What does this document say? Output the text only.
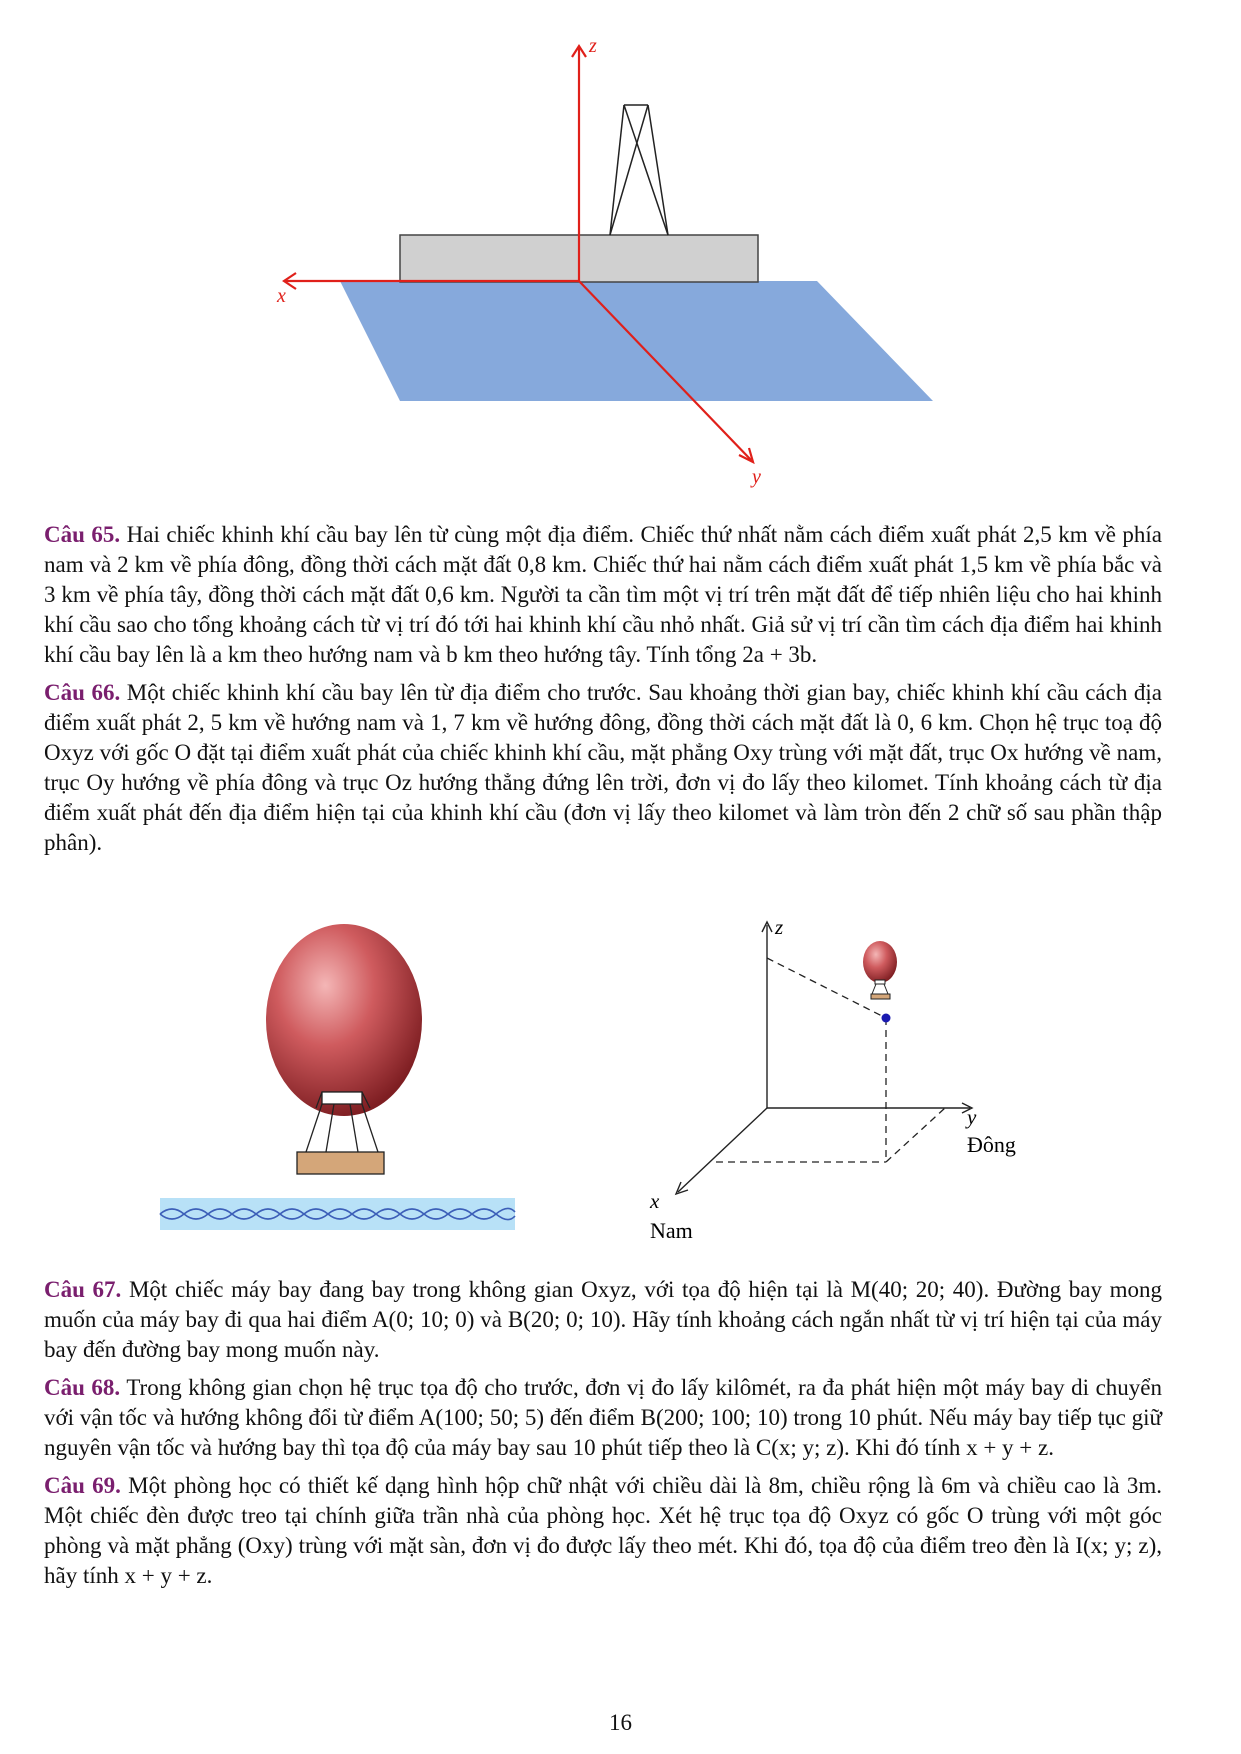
z
x
y

Câu 65. Hai chiếc khinh khí cầu bay lên từ cùng một địa điểm. Chiếc thứ nhất nằm cách điểm xuất phát 2,5 km về phía nam và 2 km về phía đông, đồng thời cách mặt đất 0,8 km. Chiếc thứ hai nằm cách điểm xuất phát 1,5 km về phía bắc và 3 km về phía tây, đồng thời cách mặt đất 0,6 km. Người ta cần tìm một vị trí trên mặt đất để tiếp nhiên liệu cho hai khinh khí cầu sao cho tổng khoảng cách từ vị trí đó tới hai khinh khí cầu nhỏ nhất. Giả sử vị trí cần tìm cách địa điểm hai khinh khí cầu bay lên là a km theo hướng nam và b km theo hướng tây. Tính tổng 2a + 3b.

Câu 66. Một chiếc khinh khí cầu bay lên từ địa điểm cho trước. Sau khoảng thời gian bay, chiếc khinh khí cầu cách địa điểm xuất phát 2, 5 km về hướng nam và 1, 7 km về hướng đông, đồng thời cách mặt đất là 0, 6 km. Chọn hệ trục toạ độ Oxyz với gốc O đặt tại điểm xuất phát của chiếc khinh khí cầu, mặt phẳng Oxy trùng với mặt đất, trục Ox hướng về nam, trục Oy hướng về phía đông và trục Oz hướng thẳng đứng lên trời, đơn vị đo lấy theo kilomet. Tính khoảng cách từ địa điểm xuất phát đến địa điểm hiện tại của khinh khí cầu (đơn vị lấy theo kilomet và làm tròn đến 2 chữ số sau phần thập phân).

z
y
Đông
x
Nam

Câu 67. Một chiếc máy bay đang bay trong không gian Oxyz, với tọa độ hiện tại là M(40; 20; 40). Đường bay mong muốn của máy bay đi qua hai điểm A(0; 10; 0) và B(20; 0; 10). Hãy tính khoảng cách ngắn nhất từ vị trí hiện tại của máy bay đến đường bay mong muốn này.

Câu 68. Trong không gian chọn hệ trục tọa độ cho trước, đơn vị đo lấy kilômét, ra đa phát hiện một máy bay di chuyển với vận tốc và hướng không đổi từ điểm A(100; 50; 5) đến điểm B(200; 100; 10) trong 10 phút. Nếu máy bay tiếp tục giữ nguyên vận tốc và hướng bay thì tọa độ của máy bay sau 10 phút tiếp theo là C(x; y; z). Khi đó tính x + y + z.

Câu 69. Một phòng học có thiết kế dạng hình hộp chữ nhật với chiều dài là 8m, chiều rộng là 6m và chiều cao là 3m. Một chiếc đèn được treo tại chính giữa trần nhà của phòng học. Xét hệ trục tọa độ Oxyz có gốc O trùng với một góc phòng và mặt phẳng (Oxy) trùng với mặt sàn, đơn vị đo được lấy theo mét. Khi đó, tọa độ của điểm treo đèn là I(x; y; z), hãy tính x + y + z.

16
